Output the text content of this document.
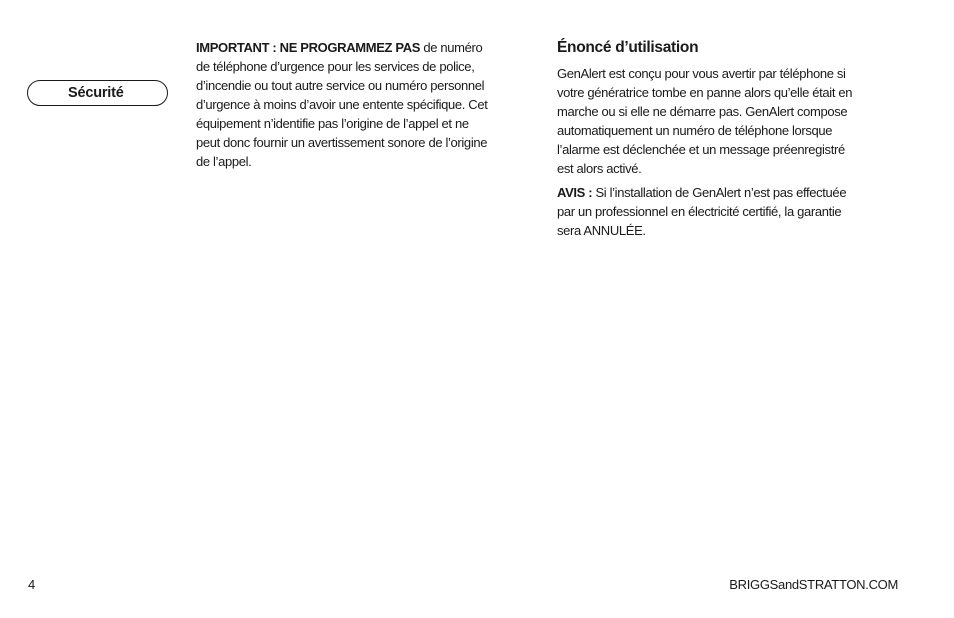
Sécurité

IMPORTANT : NE PROGRAMMEZ PAS de numéro
de téléphone d’urgence pour les services de police,
d’incendie ou tout autre service ou numéro personnel
d’urgence à moins d’avoir une entente spécifique. Cet
équipement n’identifie pas l’origine de l’appel et ne
peut donc fournir un avertissement sonore de l’origine
de l’appel.

Énoncé d’utilisation

GenAlert est conçu pour vous avertir par téléphone si
votre génératrice tombe en panne alors qu’elle était en
marche ou si elle ne démarre pas. GenAlert compose
automatiquement un numéro de téléphone lorsque
l’alarme est déclenchée et un message préenregistré
est alors activé.

AVIS : Si l’installation de GenAlert n’est pas effectuée
par un professionnel en électricité certifié, la garantie
sera ANNULÉE.

4	BRIGGSandSTRATTON.COM
